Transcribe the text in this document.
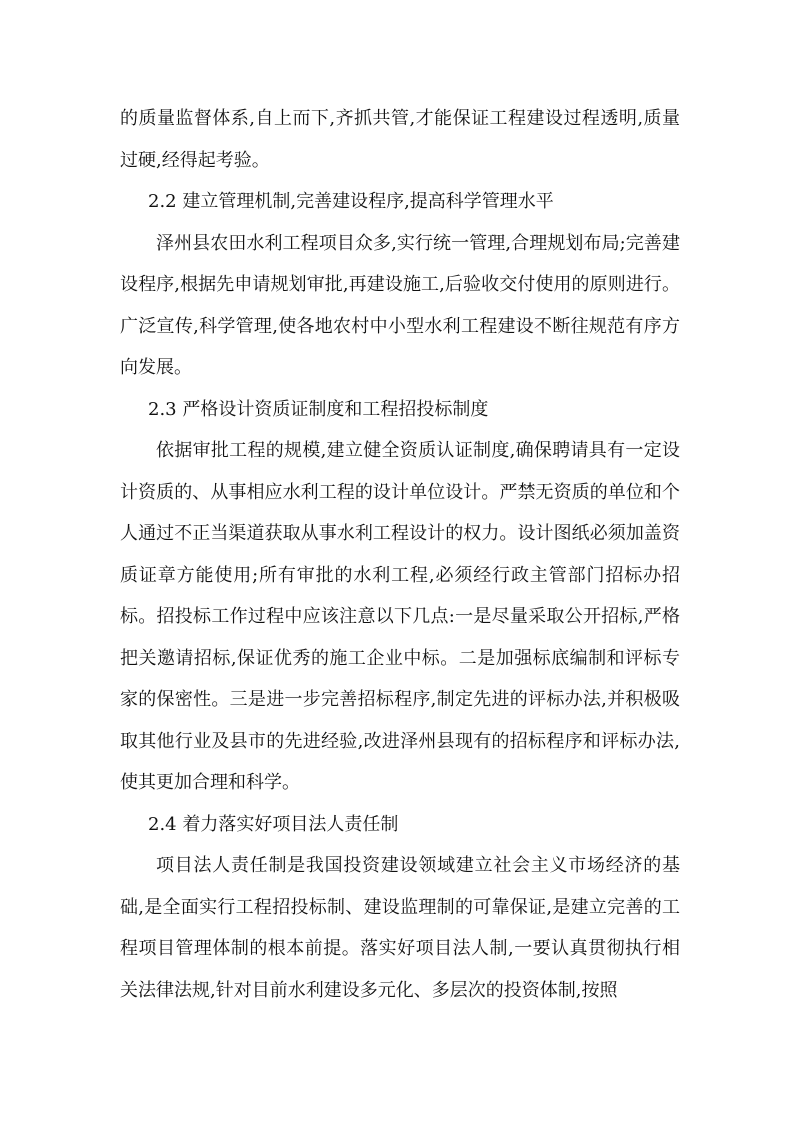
的质量监督体系,自上而下,齐抓共管,才能保证工程建设过程透明,质量过硬,经得起考验。

2.2 建立管理机制,完善建设程序,提高科学管理水平

泽州县农田水利工程项目众多,实行统一管理,合理规划布局;完善建设程序,根据先申请规划审批,再建设施工,后验收交付使用的原则进行。广泛宣传,科学管理,使各地农村中小型水利工程建设不断往规范有序方向发展。

2.3 严格设计资质证制度和工程招投标制度

依据审批工程的规模,建立健全资质认证制度,确保聘请具有一定设计资质的、从事相应水利工程的设计单位设计。严禁无资质的单位和个人通过不正当渠道获取从事水利工程设计的权力。设计图纸必须加盖资质证章方能使用;所有审批的水利工程,必须经行政主管部门招标办招标。招投标工作过程中应该注意以下几点:一是尽量采取公开招标,严格把关邀请招标,保证优秀的施工企业中标。二是加强标底编制和评标专家的保密性。三是进一步完善招标程序,制定先进的评标办法,并积极吸取其他行业及县市的先进经验,改进泽州县现有的招标程序和评标办法,使其更加合理和科学。

2.4 着力落实好项目法人责任制

项目法人责任制是我国投资建设领域建立社会主义市场经济的基础,是全面实行工程招投标制、建设监理制的可靠保证,是建立完善的工程项目管理体制的根本前提。落实好项目法人制,一要认真贯彻执行相关法律法规,针对目前水利建设多元化、多层次的投资体制,按照
